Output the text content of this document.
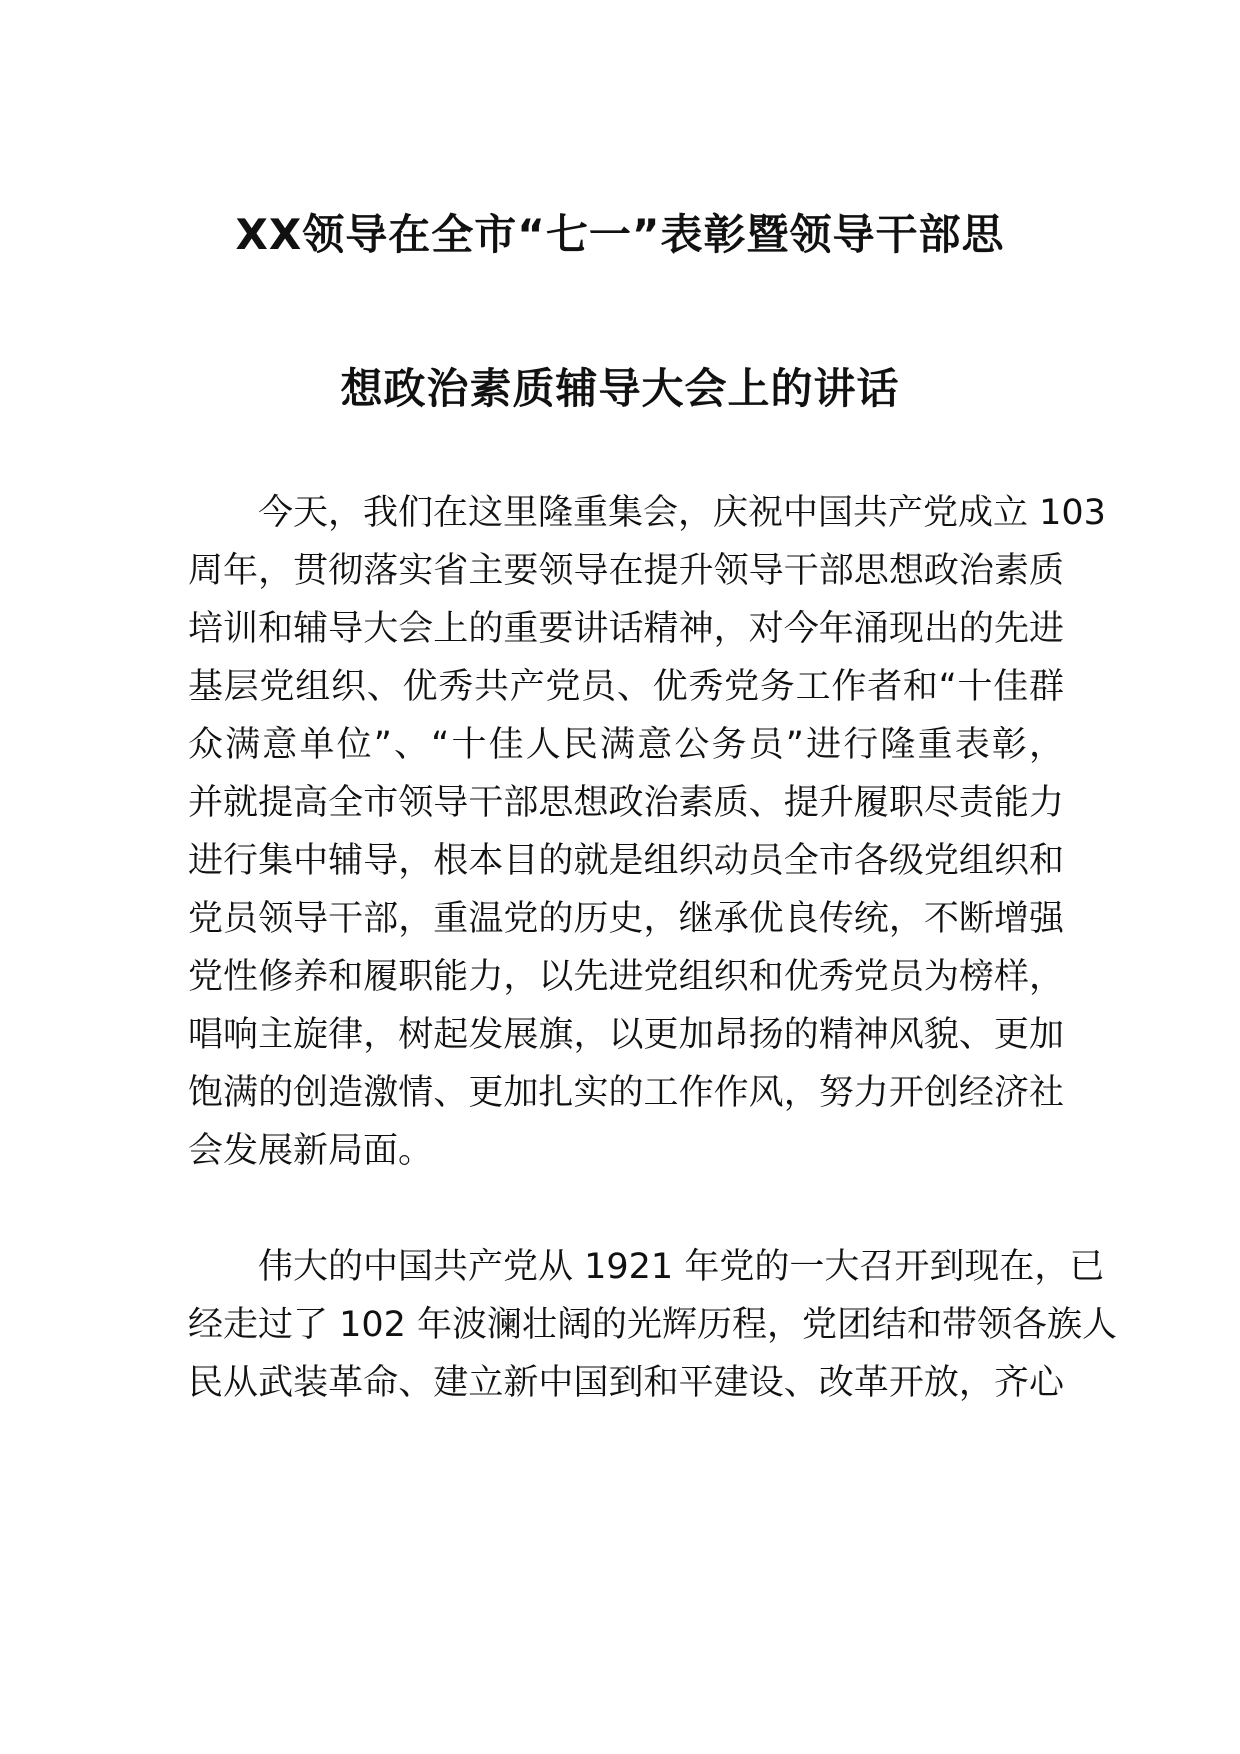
XX领导在全市“七一”表彰暨领导干部思
想政治素质辅导大会上的讲话
今天，我们在这里隆重集会，庆祝中国共产党成立 103
周年，贯彻落实省主要领导在提升领导干部思想政治素质
培训和辅导大会上的重要讲话精神，对今年涌现出的先进
基层党组织、优秀共产党员、优秀党务工作者和“十佳群
众满意单位”、“十佳人民满意公务员”进行隆重表彰，
并就提高全市领导干部思想政治素质、提升履职尽责能力
进行集中辅导，根本目的就是组织动员全市各级党组织和
党员领导干部，重温党的历史，继承优良传统，不断增强
党性修养和履职能力，以先进党组织和优秀党员为榜样，
唱响主旋律，树起发展旗，以更加昂扬的精神风貌、更加
饱满的创造激情、更加扎实的工作作风，努力开创经济社
会发展新局面。
伟大的中国共产党从 1921 年党的一大召开到现在，已
经走过了 102 年波澜壮阔的光辉历程，党团结和带领各族人
民从武装革命、建立新中国到和平建设、改革开放，齐心
